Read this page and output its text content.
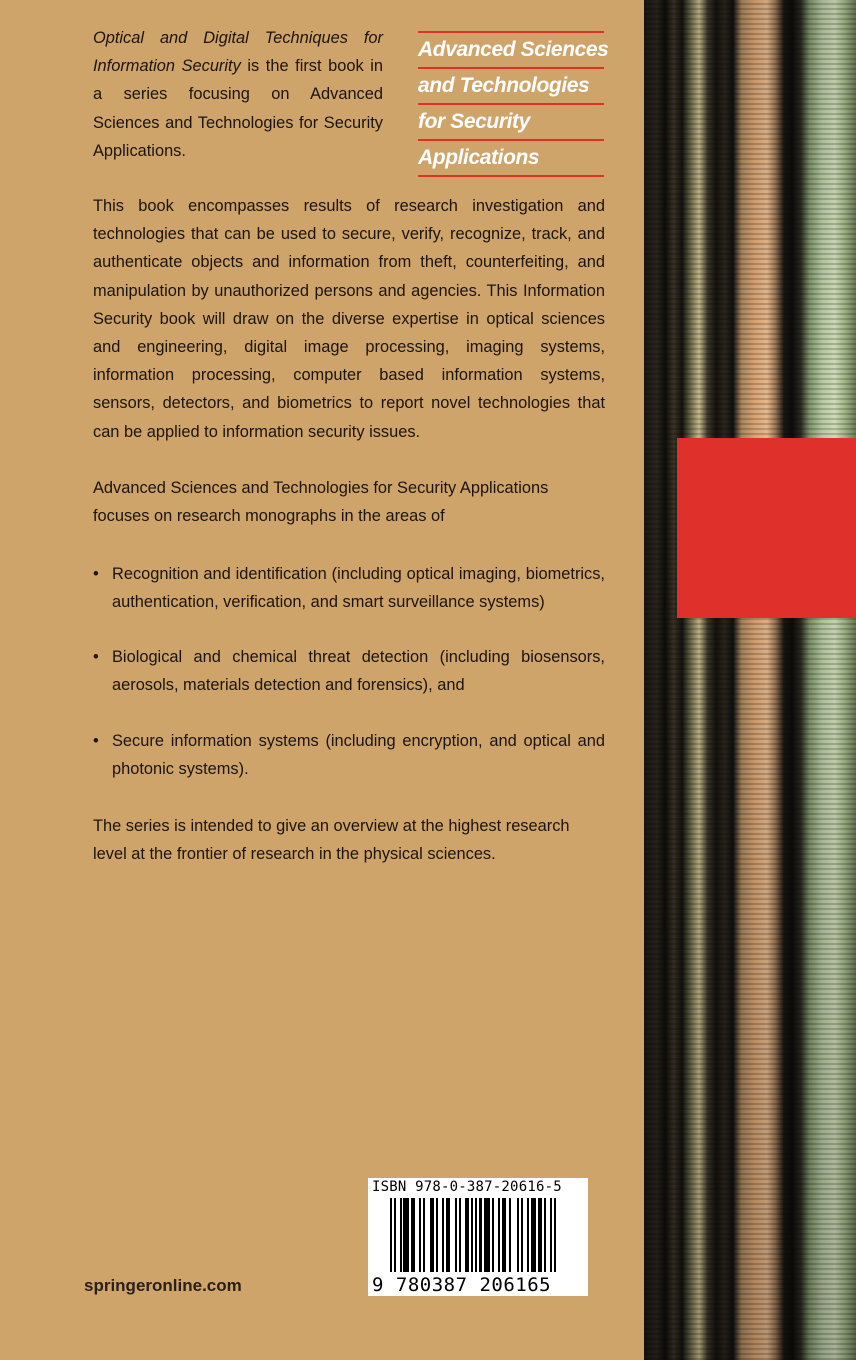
Advanced Sciences
and Technologies
for Security
Applications
Optical and Digital Techniques for Information Security is the first book in a series focusing on Advanced Sciences and Technologies for Security Applications.
This book encompasses results of research investigation and technologies that can be used to secure, verify, recognize, track, and authenticate objects and information from theft, counterfeiting, and manipulation by unauthorized persons and agencies. This Information Security book will draw on the diverse expertise in optical sciences and engineering, digital image processing, imaging systems, information processing, computer based information systems, sensors, detectors, and biometrics to report novel technologies that can be applied to information security issues.
Advanced Sciences and Technologies for Security Applications focuses on research monographs in the areas of
• Recognition and identification (including optical imaging, biometrics, authentication, verification, and smart surveillance systems)
• Biological and chemical threat detection (including biosensors, aerosols, materials detection and forensics), and
• Secure information systems (including encryption, and optical and photonic systems).
The series is intended to give an overview at the highest research level at the frontier of research in the physical sciences.
springeronline.com
ISBN 978-0-387-20616-5
9 780387 206165
